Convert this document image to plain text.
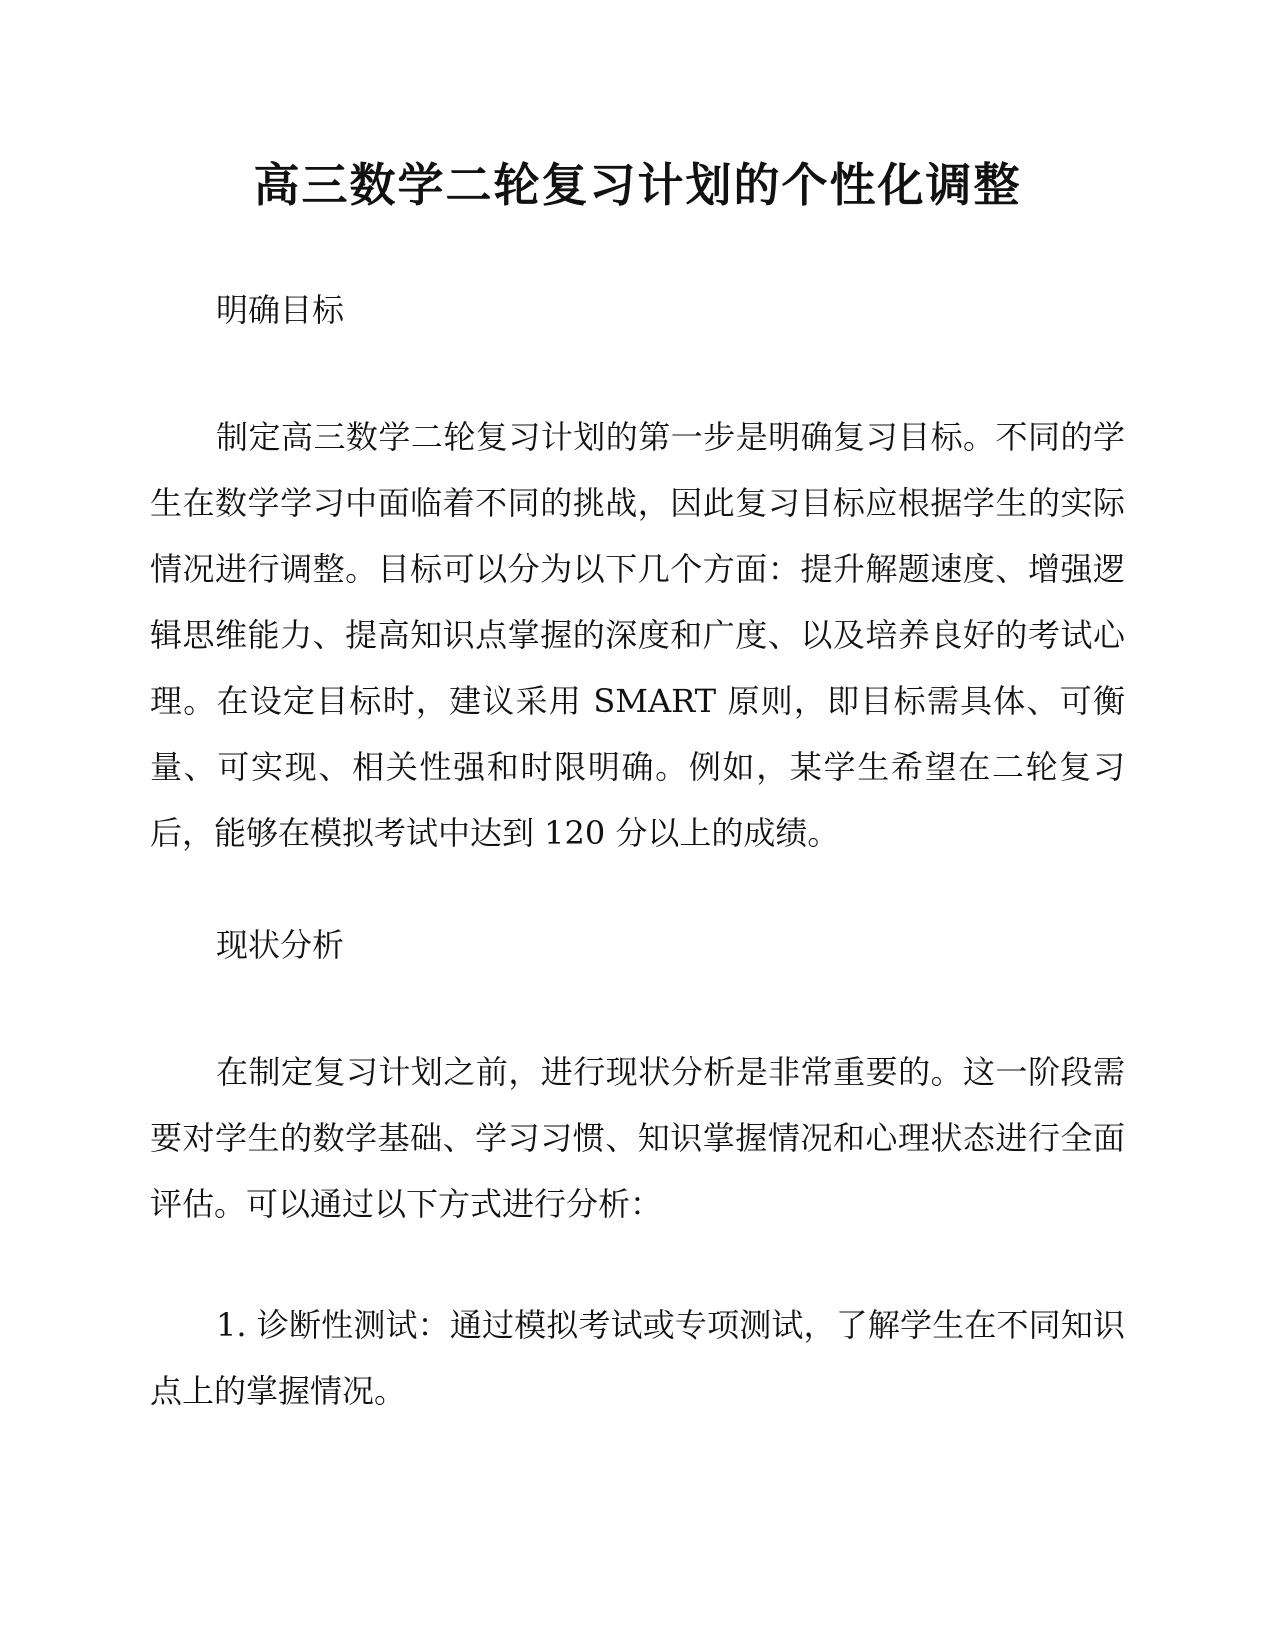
高三数学二轮复习计划的个性化调整
明确目标

制定高三数学二轮复习计划的第一步是明确复习目标。不同的学生在数学学习中面临着不同的挑战，因此复习目标应根据学生的实际情况进行调整。目标可以分为以下几个方面：提升解题速度、增强逻辑思维能力、提高知识点掌握的深度和广度、以及培养良好的考试心理。在设定目标时，建议采用 SMART 原则，即目标需具体、可衡量、可实现、相关性强和时限明确。例如，某学生希望在二轮复习后，能够在模拟考试中达到 120 分以上的成绩。

现状分析

在制定复习计划之前，进行现状分析是非常重要的。这一阶段需要对学生的数学基础、学习习惯、知识掌握情况和心理状态进行全面评估。可以通过以下方式进行分析：

1. 诊断性测试：通过模拟考试或专项测试，了解学生在不同知识点上的掌握情况。
